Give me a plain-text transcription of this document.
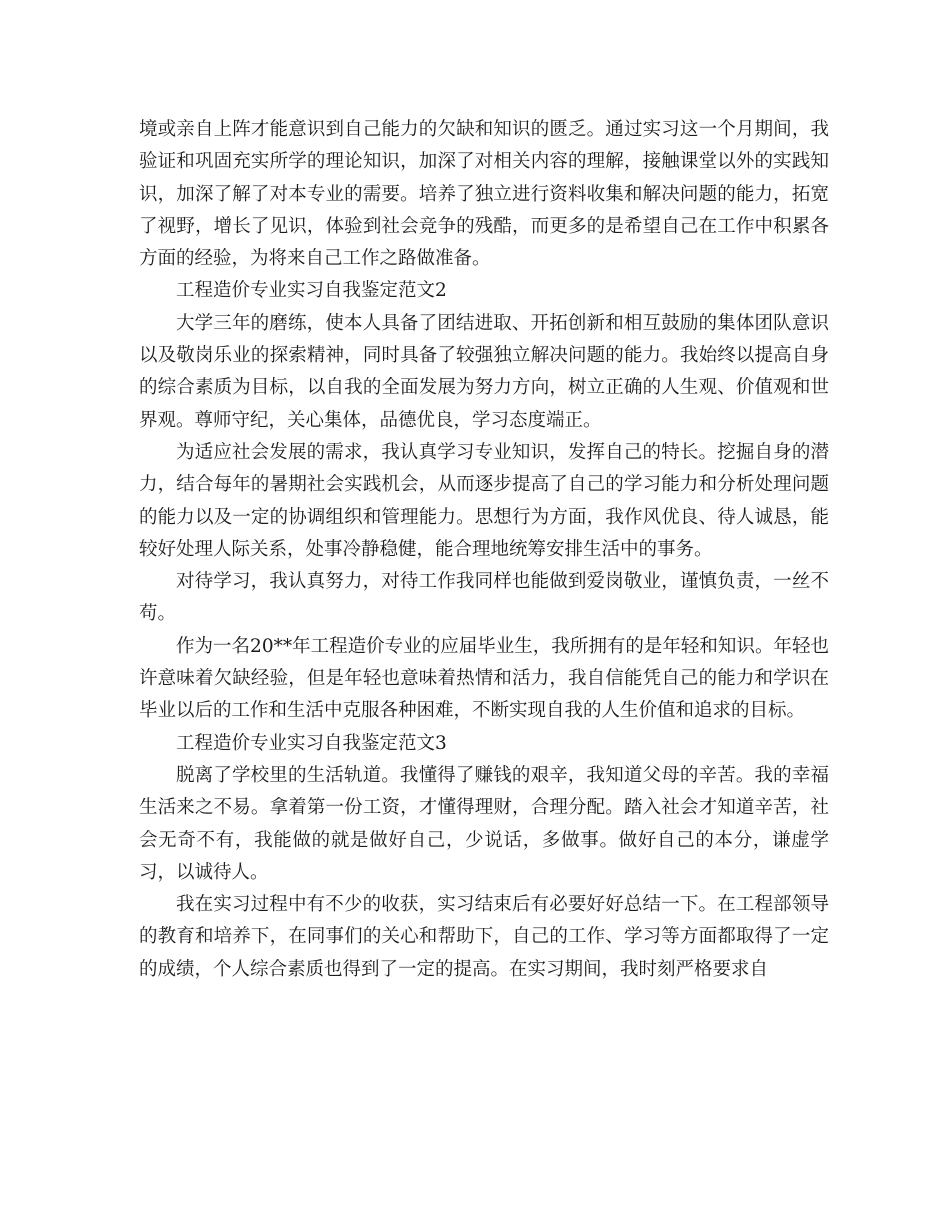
境或亲自上阵才能意识到自己能力的欠缺和知识的匮乏。通过实习这一个月期间，我验证和巩固充实所学的理论知识，加深了对相关内容的理解，接触课堂以外的实践知识，加深了解了对本专业的需要。培养了独立进行资料收集和解决问题的能力，拓宽了视野，增长了见识，体验到社会竞争的残酷，而更多的是希望自己在工作中积累各方面的经验，为将来自己工作之路做准备。

工程造价专业实习自我鉴定范文2

大学三年的磨练，使本人具备了团结进取、开拓创新和相互鼓励的集体团队意识以及敬岗乐业的探索精神，同时具备了较强独立解决问题的能力。我始终以提高自身的综合素质为目标，以自我的全面发展为努力方向，树立正确的人生观、价值观和世界观。尊师守纪，关心集体，品德优良，学习态度端正。

为适应社会发展的需求，我认真学习专业知识，发挥自己的特长。挖掘自身的潜力，结合每年的暑期社会实践机会，从而逐步提高了自己的学习能力和分析处理问题的能力以及一定的协调组织和管理能力。思想行为方面，我作风优良、待人诚恳，能较好处理人际关系，处事冷静稳健，能合理地统筹安排生活中的事务。

对待学习，我认真努力，对待工作我同样也能做到爱岗敬业，谨慎负责，一丝不苟。

作为一名20**年工程造价专业的应届毕业生，我所拥有的是年轻和知识。年轻也许意味着欠缺经验，但是年轻也意味着热情和活力，我自信能凭自己的能力和学识在毕业以后的工作和生活中克服各种困难，不断实现自我的人生价值和追求的目标。

工程造价专业实习自我鉴定范文3

脱离了学校里的生活轨道。我懂得了赚钱的艰辛，我知道父母的辛苦。我的幸福生活来之不易。拿着第一份工资，才懂得理财，合理分配。踏入社会才知道辛苦，社会无奇不有，我能做的就是做好自己，少说话，多做事。做好自己的本分，谦虚学习，以诚待人。

我在实习过程中有不少的收获，实习结束后有必要好好总结一下。在工程部领导的教育和培养下，在同事们的关心和帮助下，自己的工作、学习等方面都取得了一定的成绩，个人综合素质也得到了一定的提高。在实习期间，我时刻严格要求自
